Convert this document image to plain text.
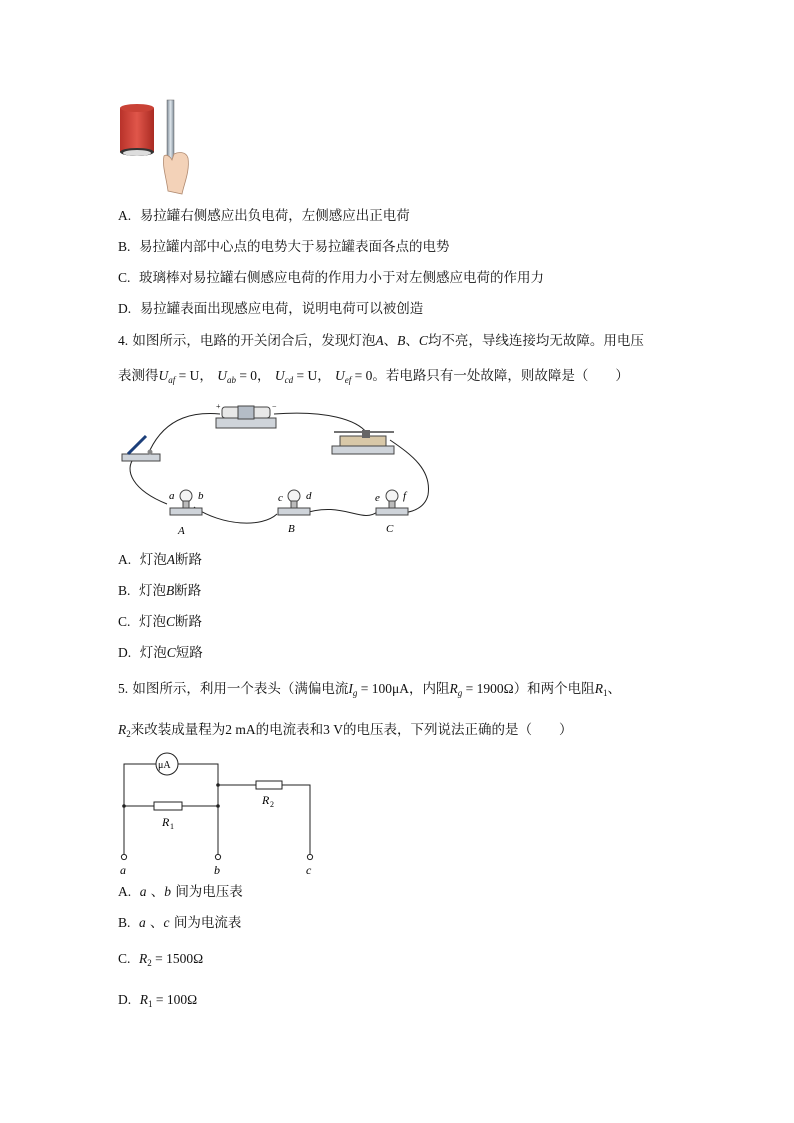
A. 易拉罐右侧感应出负电荷，左侧感应出正电荷
B. 易拉罐内部中心点的电势大于易拉罐表面各点的电势
C. 玻璃棒对易拉罐右侧感应电荷的作用力小于对左侧感应电荷的作用力
D. 易拉罐表面出现感应电荷，说明电荷可以被创造
4. 如图所示，电路的开关闭合后，发现灯泡A、B、C均不亮，导线连接均无故障。用电压
表测得$U_{af} = U$， $U_{ab} = 0$， $U_{cd} = U$， $U_{ef} = 0$。若电路只有一处故障，则故障是（　　）
+	−
a b	c d	e f
A	B	C
A. 灯泡A断路
B. 灯泡B断路
C. 灯泡C断路
D. 灯泡C短路
5. 如图所示，利用一个表头（满偏电流$I_g = 100\mu A$，内阻$R_g = 1900\Omega$）和两个电阻$R_1$、
$R_2$来改装成量程为2 mA的电流表和3 V的电压表，下列说法正确的是（　　）
μA
R 1
R 2
a	b	c
A. a 、b 间为电压表
B. a 、c 间为电流表
C. $R_2 = 1500\Omega$
D. $R_1 = 100\Omega$
